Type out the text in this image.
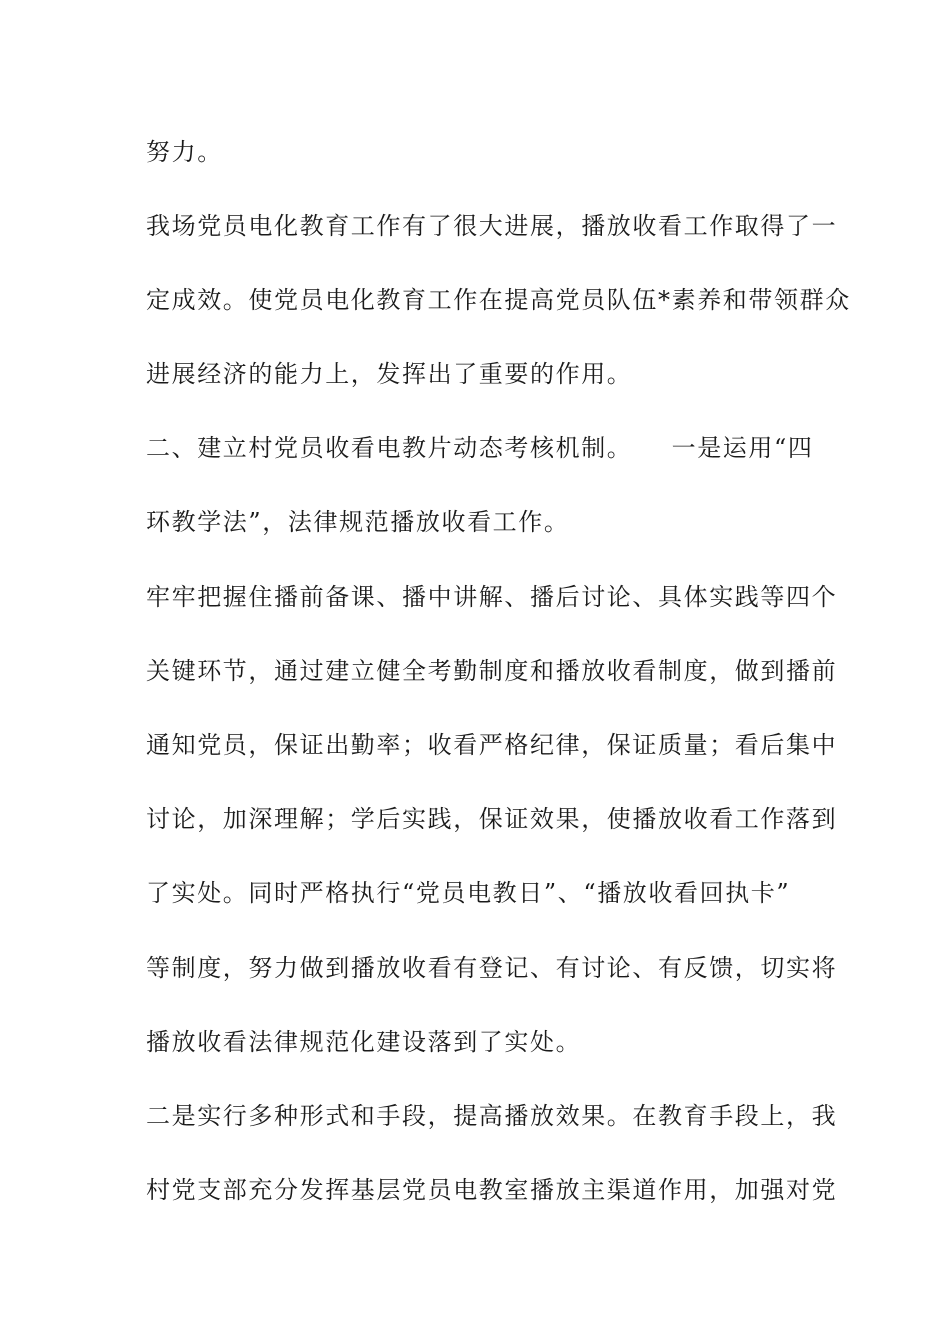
努力。
我场党员电化教育工作有了很大进展，播放收看工作取得了一
定成效。使党员电化教育工作在提高党员队伍*素养和带领群众
进展经济的能力上，发挥出了重要的作用。
二、建立村党员收看电教片动态考核机制。　　一是运用“四
环教学法”，法律规范播放收看工作。
牢牢把握住播前备课、播中讲解、播后讨论、具体实践等四个
关键环节，通过建立健全考勤制度和播放收看制度，做到播前
通知党员，保证出勤率；收看严格纪律，保证质量；看后集中
讨论，加深理解；学后实践，保证效果，使播放收看工作落到
了实处。同时严格执行“党员电教日”、“播放收看回执卡”
等制度，努力做到播放收看有登记、有讨论、有反馈，切实将
播放收看法律规范化建设落到了实处。
二是实行多种形式和手段，提高播放效果。在教育手段上，我
村党支部充分发挥基层党员电教室播放主渠道作用，加强对党
